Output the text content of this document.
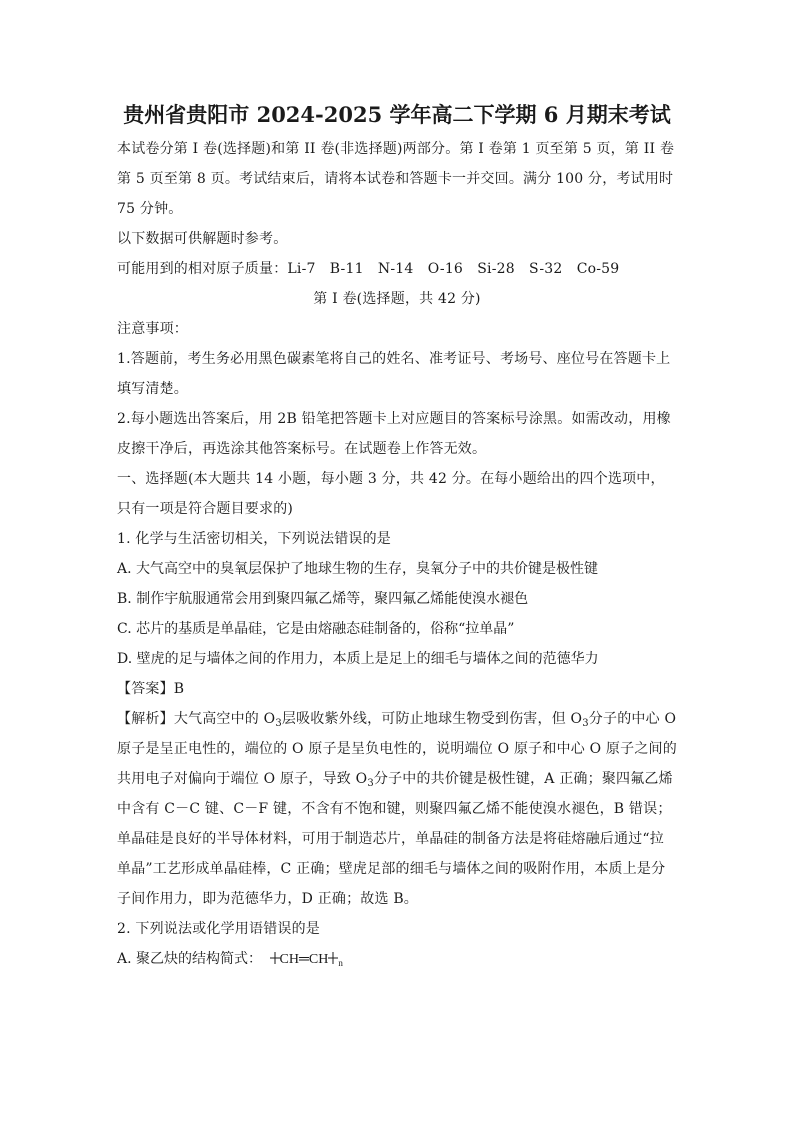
贵州省贵阳市 2024-2025 学年高二下学期 6 月期末考试

本试卷分第 I 卷(选择题)和第 II 卷(非选择题)两部分。第 I 卷第 1 页至第 5 页，第 II 卷第 5 页至第 8 页。考试结束后，请将本试卷和答题卡一并交回。满分 100 分，考试用时 75 分钟。

以下数据可供解题时参考。

可能用到的相对原子质量：Li-7　B-11　N-14　O-16　Si-28　S-32　Co-59

第 I 卷(选择题，共 42 分)

注意事项：

1.答题前，考生务必用黑色碳素笔将自己的姓名、准考证号、考场号、座位号在答题卡上填写清楚。

2.每小题选出答案后，用 2B 铅笔把答题卡上对应题目的答案标号涂黑。如需改动，用橡皮擦干净后，再选涂其他答案标号。在试题卷上作答无效。

一、选择题(本大题共 14 小题，每小题 3 分，共 42 分。在每小题给出的四个选项中，只有一项是符合题目要求的)

1. 化学与生活密切相关，下列说法错误的是

A. 大气高空中的臭氧层保护了地球生物的生存，臭氧分子中的共价键是极性键

B. 制作宇航服通常会用到聚四氟乙烯等，聚四氟乙烯能使溴水褪色

C. 芯片的基质是单晶硅，它是由熔融态硅制备的，俗称“拉单晶”

D. 壁虎的足与墙体之间的作用力，本质上是足上的细毛与墙体之间的范德华力

【答案】B

【解析】大气高空中的 $O_3$层吸收紫外线，可防止地球生物受到伤害，但 $O_3$分子的中心 O 原子是呈正电性的，端位的 O 原子是呈负电性的，说明端位 O 原子和中心 O 原子之间的共用电子对偏向于端位 O 原子，导致 $O_3$分子中的共价键是极性键，A 正确；聚四氟乙烯中含有 C－C 键、C－F 键，不含有不饱和键，则聚四氟乙烯不能使溴水褪色，B 错误；单晶硅是良好的半导体材料，可用于制造芯片，单晶硅的制备方法是将硅熔融后通过“拉单晶”工艺形成单晶硅棒，C 正确；壁虎足部的细毛与墙体之间的吸附作用，本质上是分子间作用力，即为范德华力，D 正确；故选 B。

2. 下列说法或化学用语错误的是

A. 聚乙炔的结构简式： CH═CH $_n$
